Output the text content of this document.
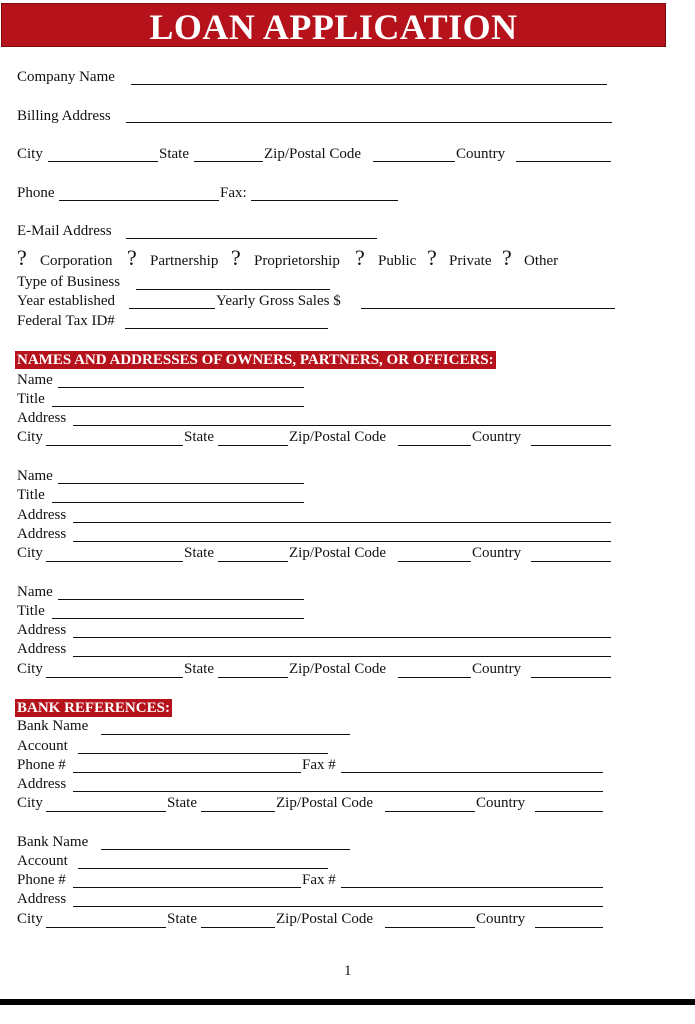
LOAN APPLICATION
Company Name
Billing Address
City	State	Zip/Postal Code	Country
Phone	Fax:
E-Mail Address
? Corporation ? Partnership ? Proprietorship ? Public ? Private ? Other
Type of Business
Year established	Yearly Gross Sales $
Federal Tax ID#
NAMES AND ADDRESSES OF OWNERS, PARTNERS, OR OFFICERS:
Name
Title
Address
City	State	Zip/Postal Code	Country
Name
Title
Address
Address
City	State	Zip/Postal Code	Country
Name
Title
Address
Address
City	State	Zip/Postal Code	Country
BANK REFERENCES:
Bank Name
Account
Phone #	Fax #
Address
City	State	Zip/Postal Code	Country
Bank Name
Account
Phone #	Fax #
Address
City	State	Zip/Postal Code	Country
1
